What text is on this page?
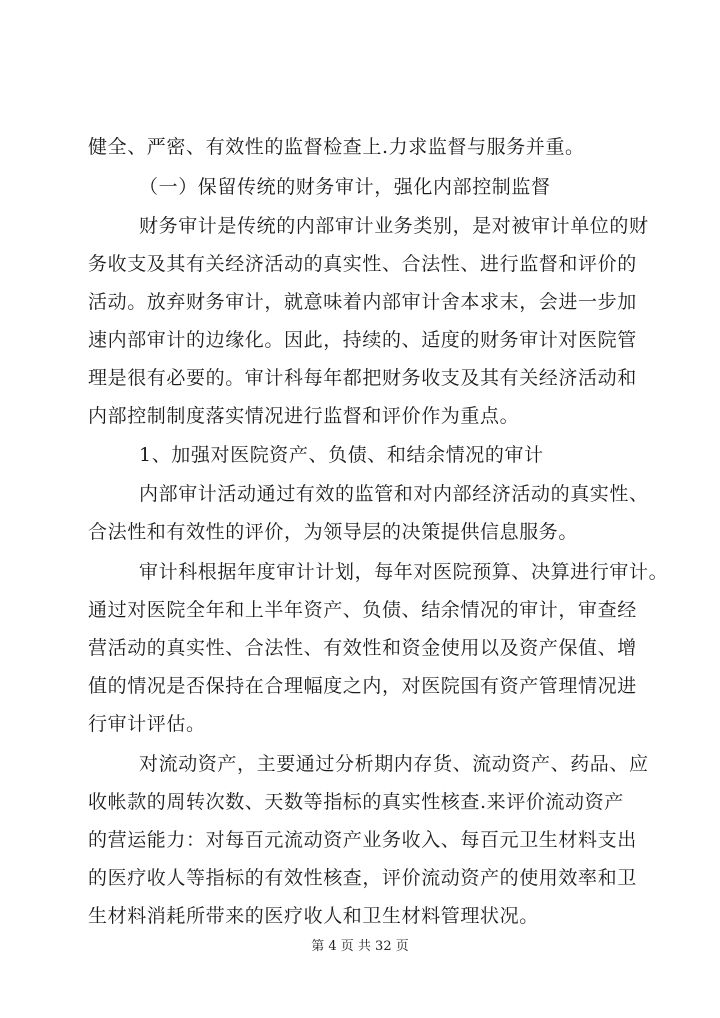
健全、严密、有效性的监督检查上.力求监督与服务并重。
（一）保留传统的财务审计，强化内部控制监督
财务审计是传统的内部审计业务类别，是对被审计单位的财
务收支及其有关经济活动的真实性、合法性、进行监督和评价的
活动。放弃财务审计，就意味着内部审计舍本求末，会进一步加
速内部审计的边缘化。因此，持续的、适度的财务审计对医院管
理是很有必要的。审计科每年都把财务收支及其有关经济活动和
内部控制制度落实情况进行监督和评价作为重点。
1、加强对医院资产、负债、和结余情况的审计
内部审计活动通过有效的监管和对内部经济活动的真实性、
合法性和有效性的评价，为领导层的决策提供信息服务。
审计科根据年度审计计划，每年对医院预算、决算进行审计。
通过对医院全年和上半年资产、负债、结余情况的审计，审查经
营活动的真实性、合法性、有效性和资金使用以及资产保值、增
值的情况是否保持在合理幅度之内，对医院国有资产管理情况进
行审计评估。
对流动资产，主要通过分析期内存货、流动资产、药品、应
收帐款的周转次数、天数等指标的真实性核查.来评价流动资产
的营运能力：对每百元流动资产业务收入、每百元卫生材料支出
的医疗收人等指标的有效性核查，评价流动资产的使用效率和卫
生材料消耗所带来的医疗收人和卫生材料管理状况。
第 4 页 共 32 页
